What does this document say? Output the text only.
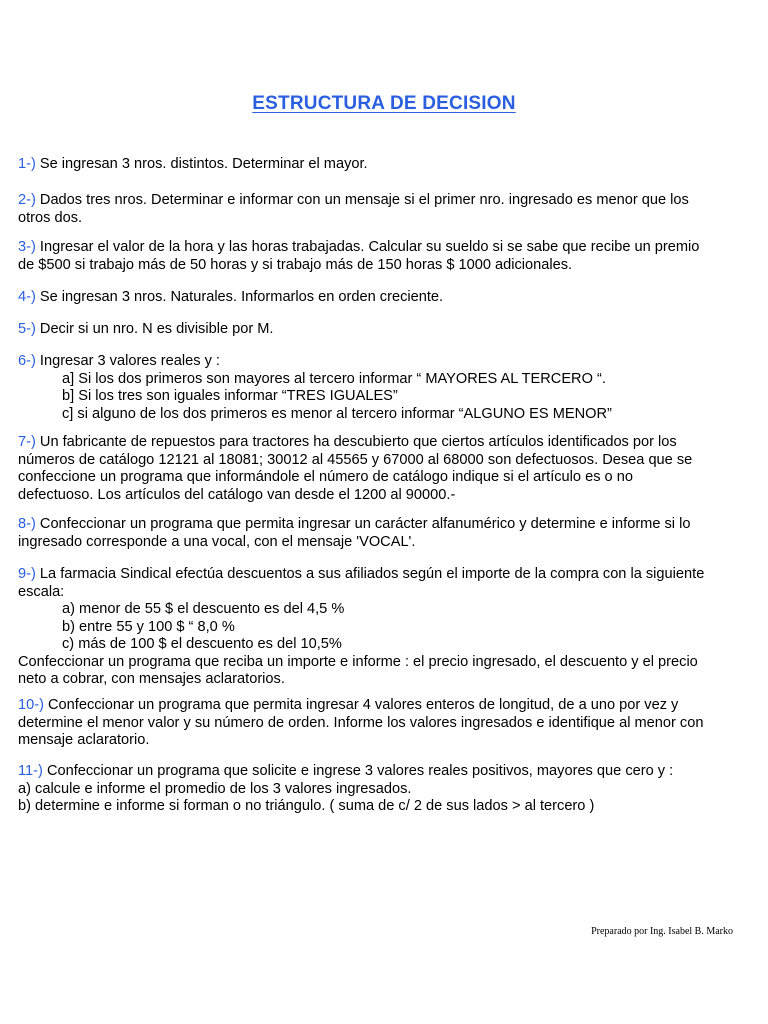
ESTRUCTURA DE DECISION
1-) Se ingresan 3 nros. distintos. Determinar el mayor.
2-) Dados tres nros. Determinar e informar con un mensaje si el primer nro. ingresado es menor que los
otros dos.
3-) Ingresar el valor de la hora y las horas trabajadas. Calcular su sueldo si se sabe que recibe un premio
de $500 si trabajo más de 50 horas y si trabajo más de 150 horas $ 1000 adicionales.
4-) Se ingresan 3 nros. Naturales. Informarlos en orden creciente.
5-) Decir si un nro. N es divisible por M.
6-) Ingresar 3 valores reales y :
a] Si los dos primeros son mayores al tercero informar “ MAYORES AL TERCERO “.
b] Si los tres son iguales informar “TRES IGUALES”
c] si alguno de los dos primeros es menor al tercero informar “ALGUNO ES MENOR”
7-) Un fabricante de repuestos para tractores ha descubierto que ciertos artículos identificados por los
números de catálogo 12121 al 18081; 30012 al 45565 y 67000 al 68000 son defectuosos. Desea que se
confeccione un programa que informándole el número de catálogo indique si el artículo es o no
defectuoso. Los artículos del catálogo van desde el 1200 al 90000.-
8-) Confeccionar un programa que permita ingresar un carácter alfanumérico y determine e informe si lo
ingresado corresponde a una vocal, con el mensaje 'VOCAL'.
9-) La farmacia Sindical efectúa descuentos a sus afiliados según el importe de la compra con la siguiente
escala:
a) menor de 55 $ el descuento es del 4,5 %
b) entre 55 y 100 $ “ 8,0 %
c) más de 100 $ el descuento es del 10,5%
Confeccionar un programa que reciba un importe e informe : el precio ingresado, el descuento y el precio
neto a cobrar, con mensajes aclaratorios.
10-) Confeccionar un programa que permita ingresar 4 valores enteros de longitud, de a uno por vez y
determine el menor valor y su número de orden. Informe los valores ingresados e identifique al menor con
mensaje aclaratorio.
11-) Confeccionar un programa que solicite e ingrese 3 valores reales positivos, mayores que cero y :
a) calcule e informe el promedio de los 3 valores ingresados.
b) determine e informe si forman o no triángulo. ( suma de c/ 2 de sus lados > al tercero )
Preparado por Ing. Isabel B. Marko
